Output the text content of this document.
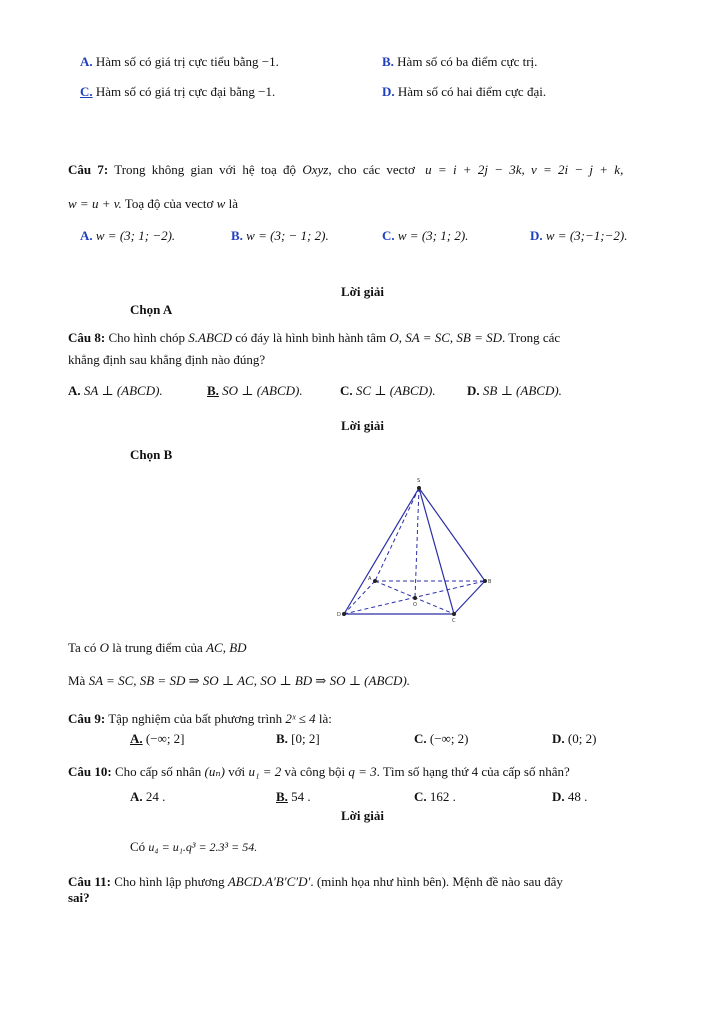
A. Hàm số có giá trị cực tiểu bằng −1.	B. Hàm số có ba điểm cực trị.
C. Hàm số có giá trị cực đại bằng −1.	D. Hàm số có hai điểm cực đại.
Câu 7: Trong không gian với hệ toạ độ Oxyz, cho các vectơ u = i + 2j − 3k, v = 2i − j + k,
w = u + v. Toạ độ của vectơ w là
A. w = (3; 1; −2).	B. w = (3; − 1; 2).	C. w = (3; 1; 2).	D. w = (3;−1;−2).
Lời giải
Chọn A
Câu 8: Cho hình chóp S.ABCD có đáy là hình bình hành tâm O, SA = SC, SB = SD. Trong các
khẳng định sau khẳng định nào đúng?
A. SA ⊥ (ABCD).	B. SO ⊥ (ABCD).	C. SC ⊥ (ABCD). D. SB ⊥ (ABCD).
Lời giải
Chọn B
S
A	B
C
D
O
Ta có O là trung điểm của AC, BD
Mà SA = SC, SB = SD ⇒ SO ⊥ AC, SO ⊥ BD ⇒ SO ⊥ (ABCD).
Câu 9: Tập nghiệm của bất phương trình 2ˣ ≤ 4 là:
A. (−∞; 2]	B. [0; 2]	C. (−∞; 2)	D. (0; 2)
Câu 10: Cho cấp số nhân (uₙ) với u₁ = 2 và công bội q = 3. Tìm số hạng thứ 4 của cấp số nhân?
A. 24 .	B. 54 .	C. 162 .	D. 48 .
Lời giải
Có u₄ = u₁.q³ = 2.3³ = 54.
Câu 11: Cho hình lập phương ABCD.A′B′C′D′. (minh họa như hình bên). Mệnh đề nào sau đây
sai?
